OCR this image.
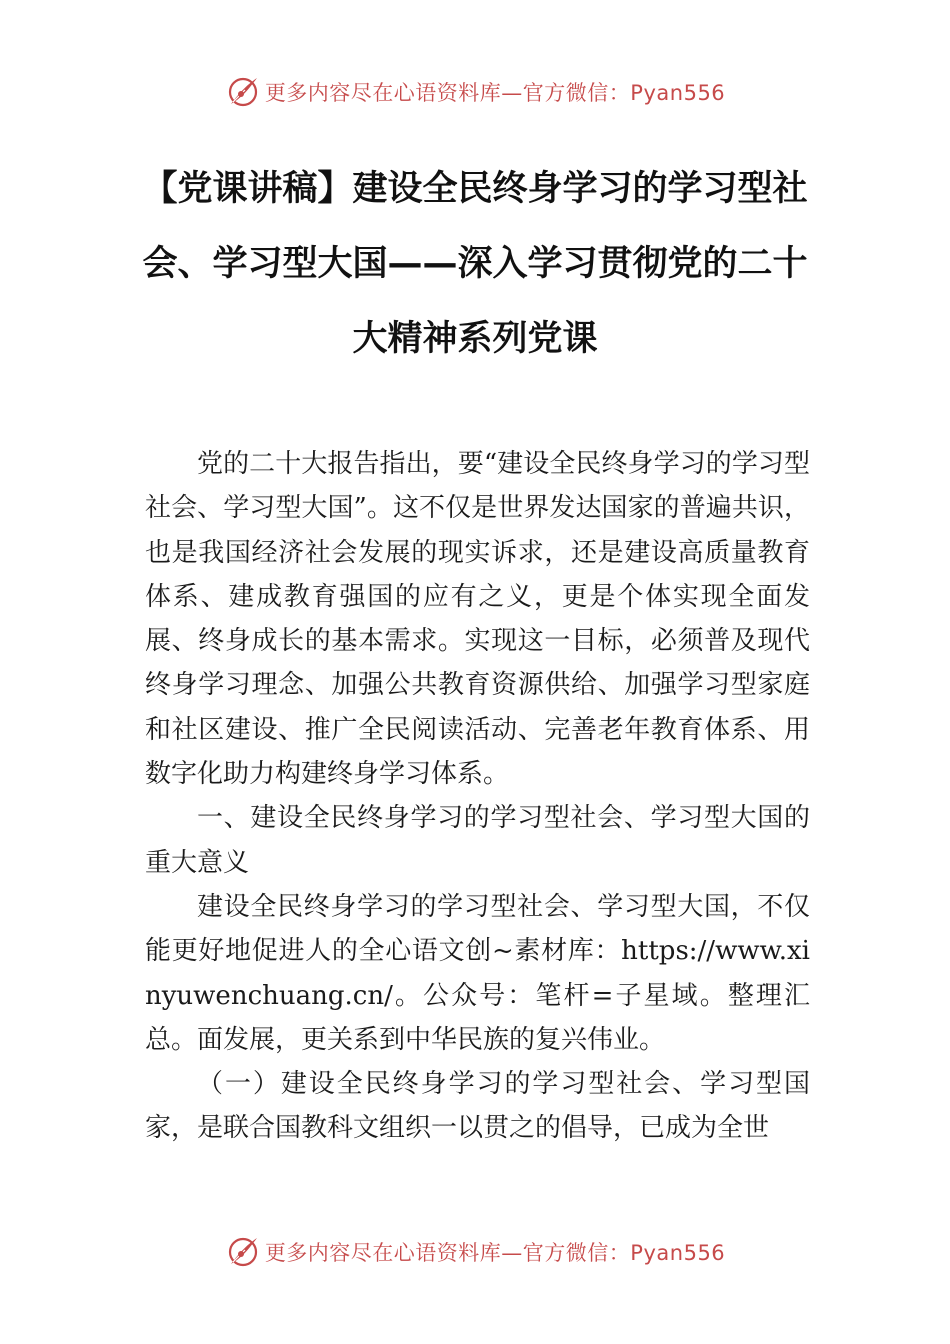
更多内容尽在心语资料库—官方微信：Pyan556
【党课讲稿】建设全民终身学习的学习型社会、学习型大国——深入学习贯彻党的二十大精神系列党课

党的二十大报告指出，要“建设全民终身学习的学习型社会、学习型大国”。这不仅是世界发达国家的普遍共识，也是我国经济社会发展的现实诉求，还是建设高质量教育体系、建成教育强国的应有之义，更是个体实现全面发展、终身成长的基本需求。实现这一目标，必须普及现代终身学习理念、加强公共教育资源供给、加强学习型家庭和社区建设、推广全民阅读活动、完善老年教育体系、用数字化助力构建终身学习体系。

一、建设全民终身学习的学习型社会、学习型大国的重大意义

建设全民终身学习的学习型社会、学习型大国，不仅能更好地促进人的全心语文创~素材库：https://www.xinyuwenchuang.cn/。公众号：笔杆=子星域。整理汇总。面发展，更关系到中华民族的复兴伟业。

（一）建设全民终身学习的学习型社会、学习型国家，是联合国教科文组织一以贯之的倡导，已成为全世

更多内容尽在心语资料库—官方微信：Pyan556
